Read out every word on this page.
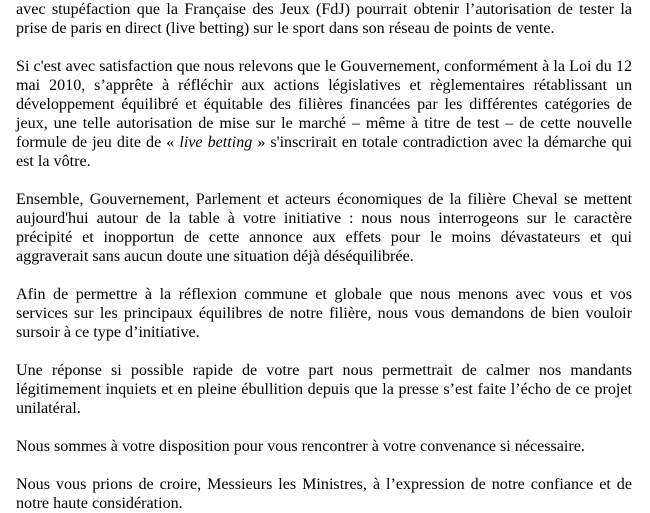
avec stupéfaction que la Française des Jeux (FdJ) pourrait obtenir l’autorisation de tester la prise de paris en direct (live betting) sur le sport dans son réseau de points de vente.

Si c'est avec satisfaction que nous relevons que le Gouvernement, conformément à la Loi du 12 mai 2010, s’apprête à réfléchir aux actions législatives et règlementaires rétablissant un développement équilibré et équitable des filières financées par les différentes catégories de jeux, une telle autorisation de mise sur le marché – même à titre de test – de cette nouvelle formule de jeu dite de « live betting » s'inscrirait en totale contradiction avec la démarche qui est la vôtre.

Ensemble, Gouvernement, Parlement et acteurs économiques de la filière Cheval se mettent aujourd'hui autour de la table à votre initiative : nous nous interrogeons sur le caractère précipité et inopportun de cette annonce aux effets pour le moins dévastateurs et qui aggraverait sans aucun doute une situation déjà déséquilibrée.

Afin de permettre à la réflexion commune et globale que nous menons avec vous et vos services sur les principaux équilibres de notre filière, nous vous demandons de bien vouloir sursoir à ce type d’initiative.

Une réponse si possible rapide de votre part nous permettrait de calmer nos mandants légitimement inquiets et en pleine ébullition depuis que la presse s’est faite l’écho de ce projet unilatéral.

Nous sommes à votre disposition pour vous rencontrer à votre convenance si nécessaire.

Nous vous prions de croire, Messieurs les Ministres, à l’expression de notre confiance et de notre haute considération.
